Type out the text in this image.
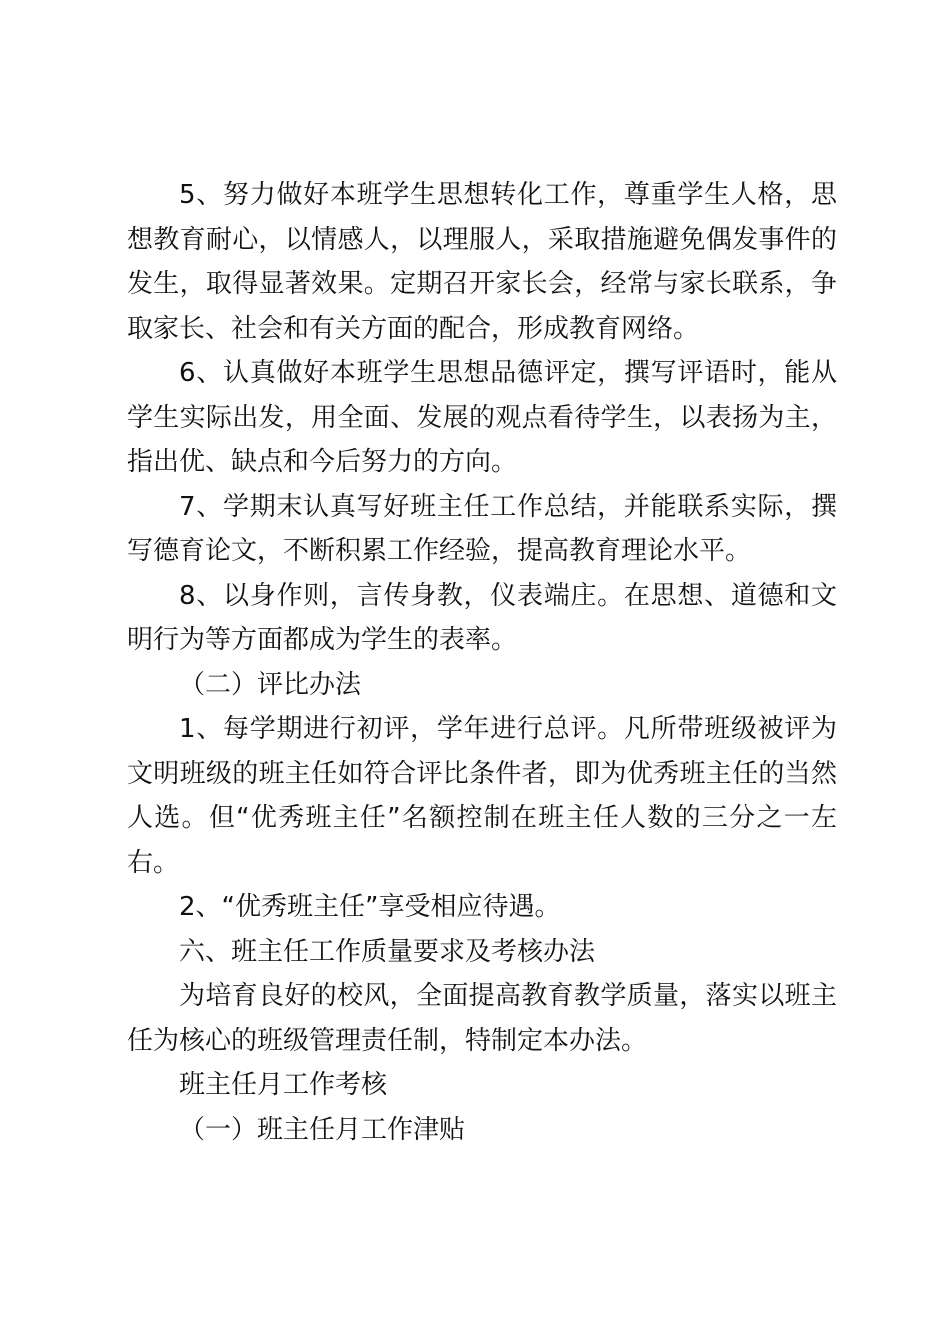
5、努力做好本班学生思想转化工作，尊重学生人格，思想教育耐心，以情感人，以理服人，采取措施避免偶发事件的发生，取得显著效果。定期召开家长会，经常与家长联系，争取家长、社会和有关方面的配合，形成教育网络。

6、认真做好本班学生思想品德评定，撰写评语时，能从学生实际出发，用全面、发展的观点看待学生，以表扬为主，指出优、缺点和今后努力的方向。

7、学期末认真写好班主任工作总结，并能联系实际，撰写德育论文，不断积累工作经验，提高教育理论水平。

8、以身作则，言传身教，仪表端庄。在思想、道德和文明行为等方面都成为学生的表率。

（二）评比办法

1、每学期进行初评，学年进行总评。凡所带班级被评为文明班级的班主任如符合评比条件者，即为优秀班主任的当然人选。但“优秀班主任”名额控制在班主任人数的三分之一左右。

2、“优秀班主任”享受相应待遇。

六、班主任工作质量要求及考核办法

为培育良好的校风，全面提高教育教学质量，落实以班主任为核心的班级管理责任制，特制定本办法。

班主任月工作考核

（一）班主任月工作津贴
